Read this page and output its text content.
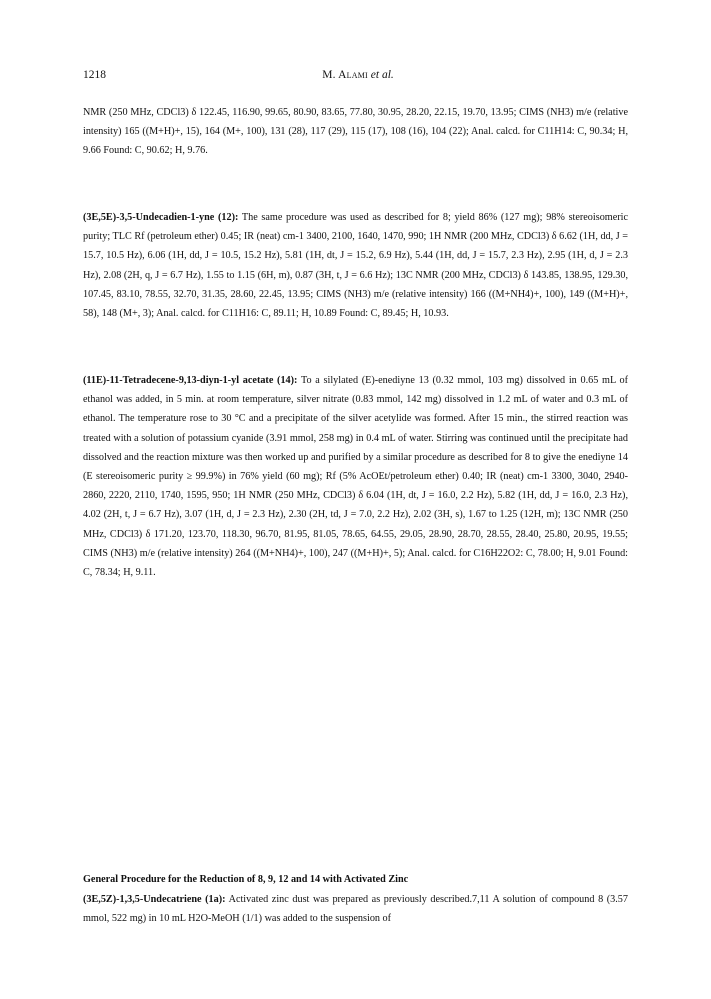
1218	M. Alami et al.
NMR (250 MHz, CDCl3) δ 122.45, 116.90, 99.65, 80.90, 83.65, 77.80, 30.95, 28.20, 22.15, 19.70, 13.95; CIMS (NH3) m/e (relative intensity) 165 ((M+H)+, 15), 164 (M+, 100), 131 (28), 117 (29), 115 (17), 108 (16), 104 (22); Anal. calcd. for C11H14: C, 90.34; H, 9.66 Found: C, 90.62; H, 9.76.
(3E,5E)-3,5-Undecadien-1-yne (12): The same procedure was used as described for 8; yield 86% (127 mg); 98% stereoisomeric purity; TLC Rf (petroleum ether) 0.45; IR (neat) cm-1 3400, 2100, 1640, 1470, 990; 1H NMR (200 MHz, CDCl3) δ 6.62 (1H, dd, J = 15.7, 10.5 Hz), 6.06 (1H, dd, J = 10.5, 15.2 Hz), 5.81 (1H, dt, J = 15.2, 6.9 Hz), 5.44 (1H, dd, J = 15.7, 2.3 Hz), 2.95 (1H, d, J = 2.3 Hz), 2.08 (2H, q, J = 6.7 Hz), 1.55 to 1.15 (6H, m), 0.87 (3H, t, J = 6.6 Hz); 13C NMR (200 MHz, CDCl3) δ 143.85, 138.95, 129.30, 107.45, 83.10, 78.55, 32.70, 31.35, 28.60, 22.45, 13.95; CIMS (NH3) m/e (relative intensity) 166 ((M+NH4)+, 100), 149 ((M+H)+, 58), 148 (M+, 3); Anal. calcd. for C11H16: C, 89.11; H, 10.89 Found: C, 89.45; H, 10.93.
(11E)-11-Tetradecene-9,13-diyn-1-yl acetate (14): To a silylated (E)-enediyne 13 (0.32 mmol, 103 mg) dissolved in 0.65 mL of ethanol was added, in 5 min. at room temperature, silver nitrate (0.83 mmol, 142 mg) dissolved in 1.2 mL of water and 0.3 mL of ethanol. The temperature rose to 30 °C and a precipitate of the silver acetylide was formed. After 15 min., the stirred reaction was treated with a solution of potassium cyanide (3.91 mmol, 258 mg) in 0.4 mL of water. Stirring was continued until the precipitate had dissolved and the reaction mixture was then worked up and purified by a similar procedure as described for 8 to give the enediyne 14 (E stereoisomeric purity ≥ 99.9%) in 76% yield (60 mg); Rf (5% AcOEt/petroleum ether) 0.40; IR (neat) cm-1 3300, 3040, 2940-2860, 2220, 2110, 1740, 1595, 950; 1H NMR (250 MHz, CDCl3) δ 6.04 (1H, dt, J = 16.0, 2.2 Hz), 5.82 (1H, dd, J = 16.0, 2.3 Hz), 4.02 (2H, t, J = 6.7 Hz), 3.07 (1H, d, J = 2.3 Hz), 2.30 (2H, td, J = 7.0, 2.2 Hz), 2.02 (3H, s), 1.67 to 1.25 (12H, m); 13C NMR (250 MHz, CDCl3) δ 171.20, 123.70, 118.30, 96.70, 81.95, 81.05, 78.65, 64.55, 29.05, 28.90, 28.70, 28.55, 28.40, 25.80, 20.95, 19.55; CIMS (NH3) m/e (relative intensity) 264 ((M+NH4)+, 100), 247 ((M+H)+, 5); Anal. calcd. for C16H22O2: C, 78.00; H, 9.01 Found: C, 78.34; H, 9.11.
General Procedure for the Reduction of 8, 9, 12 and 14 with Activated Zinc
(3E,5Z)-1,3,5-Undecatriene (1a): Activated zinc dust was prepared as previously described.7,11 A solution of compound 8 (3.57 mmol, 522 mg) in 10 mL H2O-MeOH (1/1) was added to the suspension of
